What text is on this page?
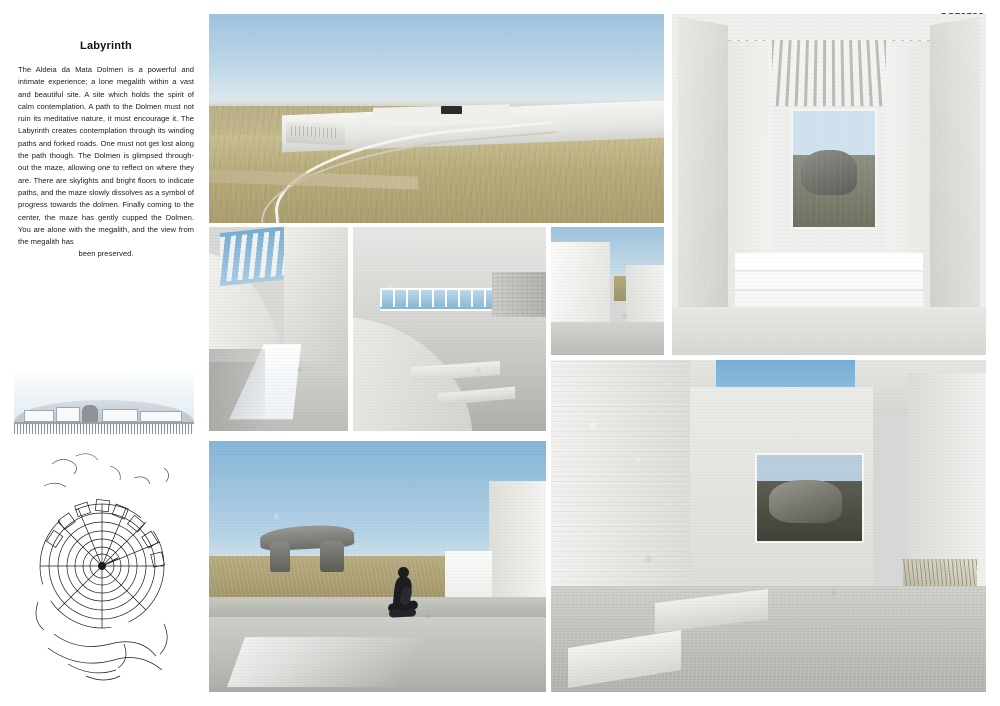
Labyrinth
The Aldeia da Mata Dolmen is a powerful and intimate experience; a lone megalith within a vast and beautiful site. A site which holds the spirit of calm contemplation. A path to the Dolmen must not ruin its meditative nature, it must encourage it. The Labyrinth creates contemplation through its winding paths and forked roads. One must not get lost along the path though. The Dolmen is glimpsed through-out the maze, allowing one to reflect on where they are. There are skylights and bright floors to indicate paths, and the maze slowly dissolves as a symbol of progress towards the dolmen. Finally coming to the center, the maze has gently cupped the Dolmen. You are alone with the megalith, and the view from the megalith has
been preserved.
